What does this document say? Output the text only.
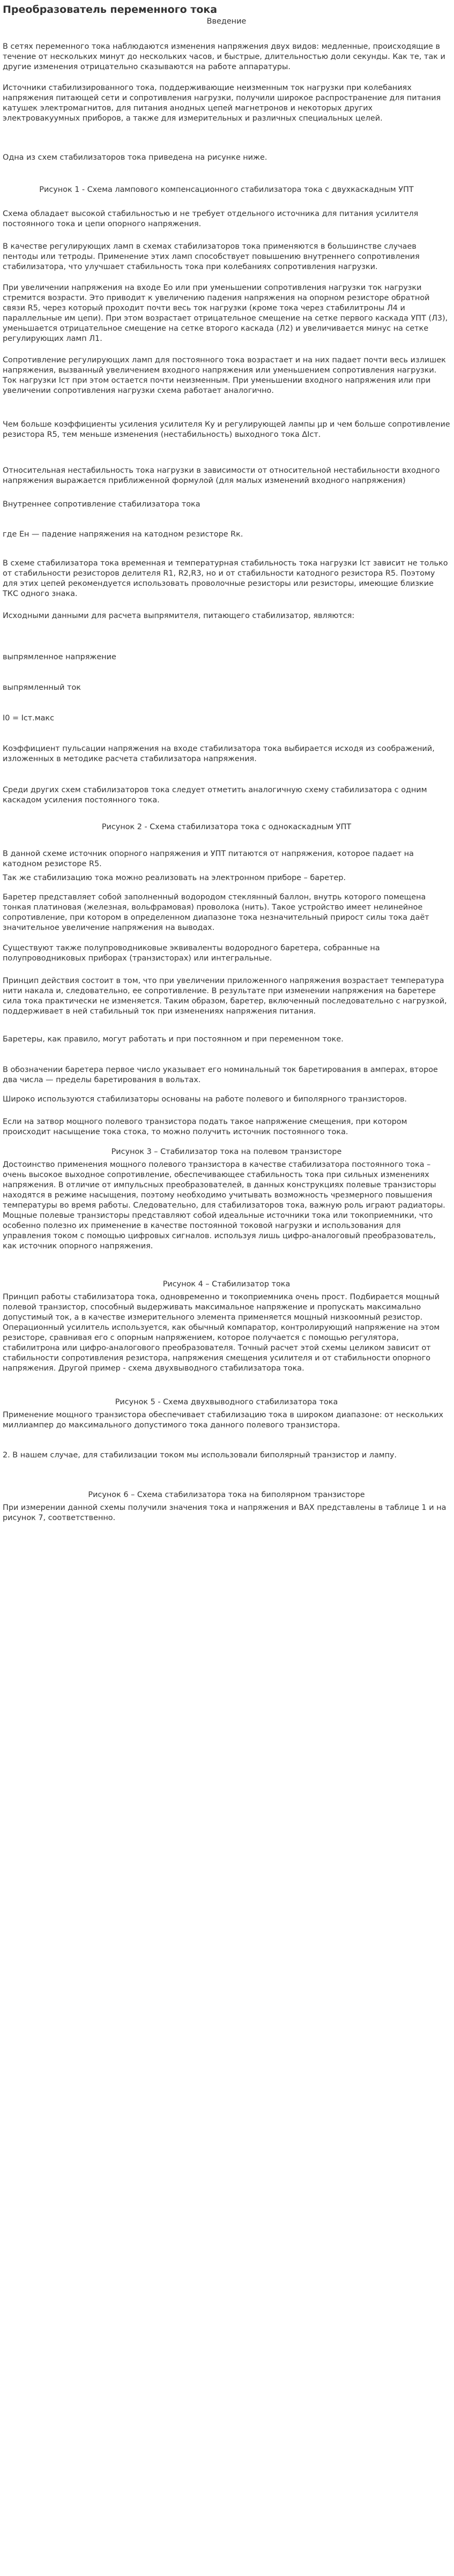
Преобразователь переменного тока

Введение

В сетях переменного тока наблюдаются изменения напряжения двух видов: медленные, происходящие в течение от нескольких минут до нескольких часов, и быстрые, длительностью доли секунды. Как те, так и другие изменения отрицательно сказываются на работе аппаратуры.

Источники стабилизированного тока, поддерживающие неизменным ток нагрузки при колебаниях напряжения питающей сети и сопротивления нагрузки, получили широкое распространение для питания катушек электромагнитов, для питания анодных цепей магнетронов и некоторых других электровакуумных приборов, а также для измерительных и различных специальных целей.

Одна из схем стабилизаторов тока приведена на рисунке ниже.

Рисунок 1 - Схема лампового компенсационного стабилизатора тока с двухкаскадным УПТ

Схема обладает высокой стабильностью и не требует отдельного источника для питания усилителя постоянного тока и цепи опорного напряжения.

В качестве регулирующих ламп в схемах стабилизаторов тока применяются в большинстве случаев пентоды или тетроды. Применение этих ламп способствует повышению внутреннего сопротивления стабилизатора, что улучшает стабильность тока при колебаниях сопротивления нагрузки.

При увеличении напряжения на входе Ео или при уменьшении сопротивления нагрузки ток нагрузки стремится возрасти. Это приводит к увеличению падения напряжения на опорном резисторе обратной связи R5, через который проходит почти весь ток нагрузки (кроме тока через стабилитроны Л4 и параллельные им цепи). При этом возрастает отрицательное смещение на сетке первого каскада УПТ (Л3), уменьшается отрицательное смещение на сетке второго каскада (Л2) и увеличивается минус на сетке регулирующих ламп Л1.

Сопротивление регулирующих ламп для постоянного тока возрастает и на них падает почти весь излишек напряжения, вызванный увеличением входного напряжения или уменьшением сопротивления нагрузки. Ток нагрузки Iст при этом остается почти неизменным. При уменьшении входного напряжения или при увеличении сопротивления нагрузки схема работает аналогично.

Чем больше коэффициенты усиления усилителя Ку и регулирующей лампы μр и чем больше сопротивление резистора R5, тем меньше изменения (нестабильность) выходного тока ΔIст.

Относительная нестабильность тока нагрузки в зависимости от относительной нестабильности входного напряжения выражается приближенной формулой (для малых изменений входного напряжения)

Внутреннее сопротивление стабилизатора тока

где Ен — падение напряжения на катодном резисторе Rк.

В схеме стабилизатора тока временная и температурная стабильность тока нагрузки Iст зависит не только от стабильности резисторов делителя R1, R2,R3, но и от стабильности катодного резистора R5. Поэтому для этих цепей рекомендуется использовать проволочные резисторы или резисторы, имеющие близкие ТКС одного знака.

Исходными данными для расчета выпрямителя, питающего стабилизатор, являются:

выпрямленное напряжение

выпрямленный ток

I0 = Iст.макс

Коэффициент пульсации напряжения на входе стабилизатора тока выбирается исходя из соображений, изложенных в методике расчета стабилизатора напряжения.

Среди других схем стабилизаторов тока следует отметить аналогичную схему стабилизатора с одним каскадом усиления постоянного тока.

Рисунок 2 - Схема стабилизатора тока с однокаскадным УПТ

В данной схеме источник опорного напряжения и УПТ питаются от напряжения, которое падает на катодном резисторе R5.

Так же стабилизацию тока можно реализовать на электронном приборе – баретер.

Баретер представляет собой заполненный водородом стеклянный баллон, внутрь которого помещена тонкая платиновая (железная, вольфрамовая) проволока (нить). Такое устройство имеет нелинейное сопротивление, при котором в определенном диапазоне тока незначительный прирост силы тока даёт значительное увеличение напряжения на выводах.

Существуют также полупроводниковые эквиваленты водородного баретера, собранные на полупроводниковых приборах (транзисторах) или интегральные.

Принцип действия состоит в том, что при увеличении приложенного напряжения возрастает температура нити накала и, следовательно, ее сопротивление. В результате при изменении напряжения на баретере сила тока практически не изменяется. Таким образом, баретер, включенный последовательно с нагрузкой, поддерживает в ней стабильный ток при изменениях напряжения питания.

Баретеры, как правило, могут работать и при постоянном и при переменном токе.

В обозначении баретера первое число указывает его номинальный ток баретирования в амперах, второе два числа — пределы баретирования в вольтах.

Широко используются стабилизаторы основаны на работе полевого и биполярного транзисторов.

Если на затвор мощного полевого транзистора подать такое напряжение смещения, при котором происходит насыщение тока стока, то можно получить источник постоянного тока.

Рисунок 3 – Стабилизатор тока на полевом транзисторе

Достоинство применения мощного полевого транзистора в качестве стабилизатора постоянного тока – очень высокое выходное сопротивление, обеспечивающее стабильность тока при сильных изменениях напряжения. В отличие от импульсных преобразователей, в данных конструкциях полевые транзисторы находятся в режиме насыщения, поэтому необходимо учитывать возможность чрезмерного повышения температуры во время работы. Следовательно, для стабилизаторов тока, важную роль играют радиаторы. Мощные полевые транзисторы представляют собой идеальные источники тока или токоприемники, что особенно полезно их применение в качестве постоянной токовой нагрузки и использования для управления током с помощью цифровых сигналов. используя лишь цифро-аналоговый преобразователь, как источник опорного напряжения.

Рисунок 4 – Стабилизатор тока

Принцип работы стабилизатора тока, одновременно и токоприемника очень прост. Подбирается мощный полевой транзистор, способный выдерживать максимальное напряжение и пропускать максимально допустимый ток, а в качестве измерительного элемента применяется мощный низкоомный резистор. Операционный усилитель используется, как обычный компаратор, контролирующий напряжение на этом резисторе, сравнивая его с опорным напряжением, которое получается с помощью регулятора, стабилитрона или цифро-аналогового преобразователя. Точный расчет этой схемы целиком зависит от стабильности сопротивления резистора, напряжения смещения усилителя и от стабильности опорного напряжения. Другой пример - схема двухвыводного стабилизатора тока.

Рисунок 5 - Схема двухвыводного стабилизатора тока

Применение мощного транзистора обеспечивает стабилизацию тока в широком диапазоне: от нескольких миллиампер до максимального допустимого тока данного полевого транзистора.

2. В нашем случае, для стабилизации током мы использовали биполярный транзистор и лампу.

Рисунок 6 – Схема стабилизатора тока на биполярном транзисторе

При измерении данной схемы получили значения тока и напряжения и ВАХ представлены в таблице 1 и на рисунок 7, соответственно.
